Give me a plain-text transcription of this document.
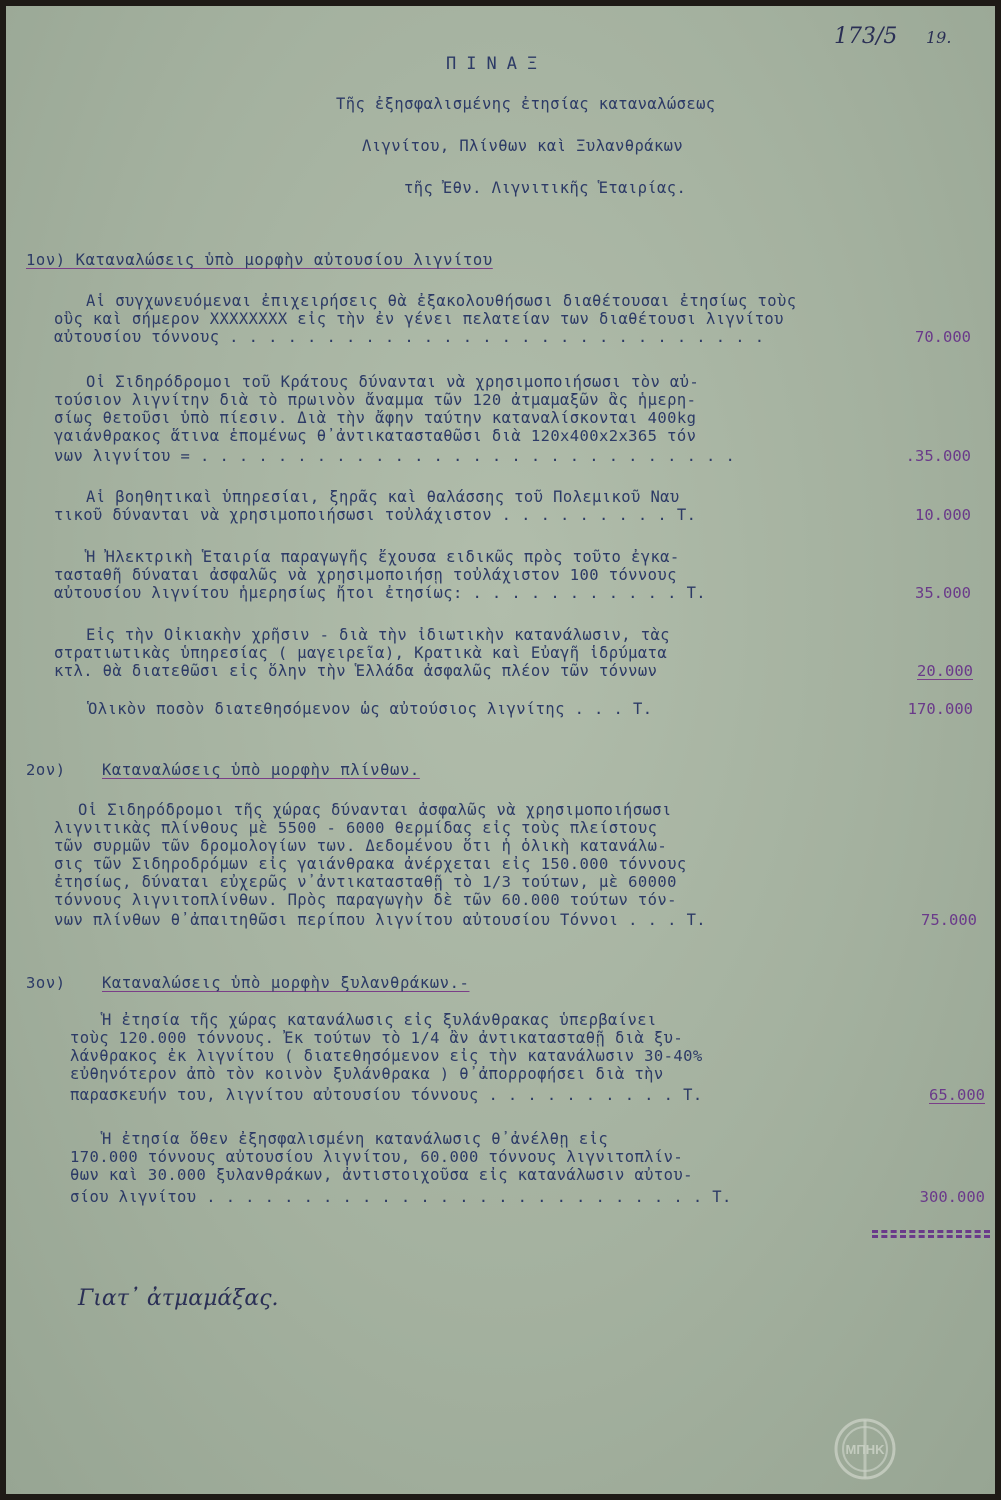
173/5 19.
ΠΙΝΑΞ
Τῆς ἐξησφαλισμένης ἐτησίας καταναλώσεως
Λιγνίτου, Πλίνθων καὶ Ξυλανθράκων
τῆς Ἐθν. Λιγνιτικῆς Ἑταιρίας.
1ον) Καταναλώσεις ὑπὸ μορφὴν αὐτουσίου λιγνίτου
Αἱ συγχωνευόμεναι ἐπιχειρήσεις θὰ ἐξακολουθήσωσι διαθέτουσαι ἐτησίως τοὺς
οὓς καὶ σήμερον ΧΧΧΧΧΧΧΧ εἰς τὴν ἐν γένει πελατείαν των διαθέτουσι λιγνίτου
αὐτουσίου τόννους . . . . . . . . . . . . . . . . . . . . . . . . . . . .	70.000
Οἱ Σιδηρόδρομοι τοῦ Κράτους δύνανται νὰ χρησιμοποιήσωσι τὸν αὐ-
τούσιον λιγνίτην διὰ τὸ πρωινὸν ἄναμμα τῶν 120 ἀτμαμαξῶν ἃς ἡμερη-
σίως θετοῦσι ὑπὸ πίεσιν. Διὰ τὴν ἄφην ταύτην καταναλίσκονται 400kg
γαιάνθρακος ἅτινα ἑπομένως θ᾽ἀντικατασταθῶσι διὰ 120x400x2x365 τόν
νων λιγνίτου = . . . . . . . . . . . . . . . . . . . . . . . . . . . .	.35.000
Αἱ βοηθητικαὶ ὑπηρεσίαι, ξηρᾶς καὶ θαλάσσης τοῦ Πολεμικοῦ Ναυ
τικοῦ δύνανται νὰ χρησιμοποιήσωσι τοὐλάχιστον . . . . . . . . . Τ.	10.000
Ἡ Ἠλεκτρικὴ Ἑταιρία παραγωγῆς ἔχουσα ειδικῶς πρὸς τοῦτο ἐγκα-
τασταθῆ δύναται ἀσφαλῶς νὰ χρησιμοποιήσῃ τοὐλάχιστον 100 τόννους
αὐτουσίου λιγνίτου ἡμερησίως ἤτοι ἐτησίως: . . . . . . . . . . . Τ.	35.000
Εἰς τὴν Οἰκιακὴν χρῆσιν - διὰ τὴν ἰδιωτικὴν κατανάλωσιν, τὰς
στρατιωτικὰς ὑπηρεσίας ( μαγειρεῖα), Κρατικὰ καὶ Εὐαγῆ ἱδρύματα
κτλ. θὰ διατεθῶσι εἰς ὅλην τὴν Ἑλλάδα ἀσφαλῶς πλέον τῶν τόννων	20.000
Ὁλικὸν ποσὸν διατεθησόμενον ὡς αὐτούσιος λιγνίτης . . . Τ.	170.000
2ον) Καταναλώσεις ὑπὸ μορφὴν πλίνθων.
Οἱ Σιδηρόδρομοι τῆς χώρας δύνανται ἀσφαλῶς νὰ χρησιμοποιήσωσι
λιγνιτικὰς πλίνθους μὲ 5500 - 6000 θερμίδας εἰς τοὺς πλείστους
τῶν συρμῶν τῶν δρομολογίων των. Δεδομένου ὅτι ἡ ὁλικὴ κατανάλω-
σις τῶν Σιδηροδρόμων εἰς γαιάνθρακα ἀνέρχεται εἰς 150.000 τόννους
ἐτησίως, δύναται εὐχερῶς ν᾽ἀντικατασταθῇ τὸ 1/3 τούτων, μὲ 60000
τόννους λιγνιτοπλίνθων. Πρὸς παραγωγὴν δὲ τῶν 60.000 τούτων τόν-
νων πλίνθων θ᾽ἀπαιτηθῶσι περίπου λιγνίτου αὐτουσίου Τόννοι . . . Τ.	75.000
3ον) Καταναλώσεις ὑπὸ μορφὴν ξυλανθράκων.-
Ἡ ἐτησία τῆς χώρας κατανάλωσις εἰς ξυλάνθρακας ὑπερβαίνει
τοὺς 120.000 τόννους. Ἐκ τούτων τὸ 1/4 ἂν ἀντικατασταθῇ διὰ ξυ-
λάνθρακος ἐκ λιγνίτου ( διατεθησόμενον εἰς τὴν κατανάλωσιν 30-40%
εὐθηνότερον ἀπὸ τὸν κοινὸν ξυλάνθρακα ) θ᾽ἀπορροφήσει διὰ τὴν
παρασκευήν του, λιγνίτου αὐτουσίου τόννους . . . . . . . . . . Τ.	65.000
Ἡ ἐτησία ὅθεν ἐξησφαλισμένη κατανάλωσις θ᾽ἀνέλθῃ εἰς
170.000 τόννους αὐτουσίου λιγνίτου, 60.000 τόννους λιγνιτοπλίν-
θων καὶ 30.000 ξυλανθράκων, ἀντιστοιχοῦσα εἰς κατανάλωσιν αὐτου-
σίου λιγνίτου . . . . . . . . . . . . . . . . . . . . . . . . . . Τ.	300.000
Γιατ᾽ ἀτμαμάξας.
ΜΠΗΚ
